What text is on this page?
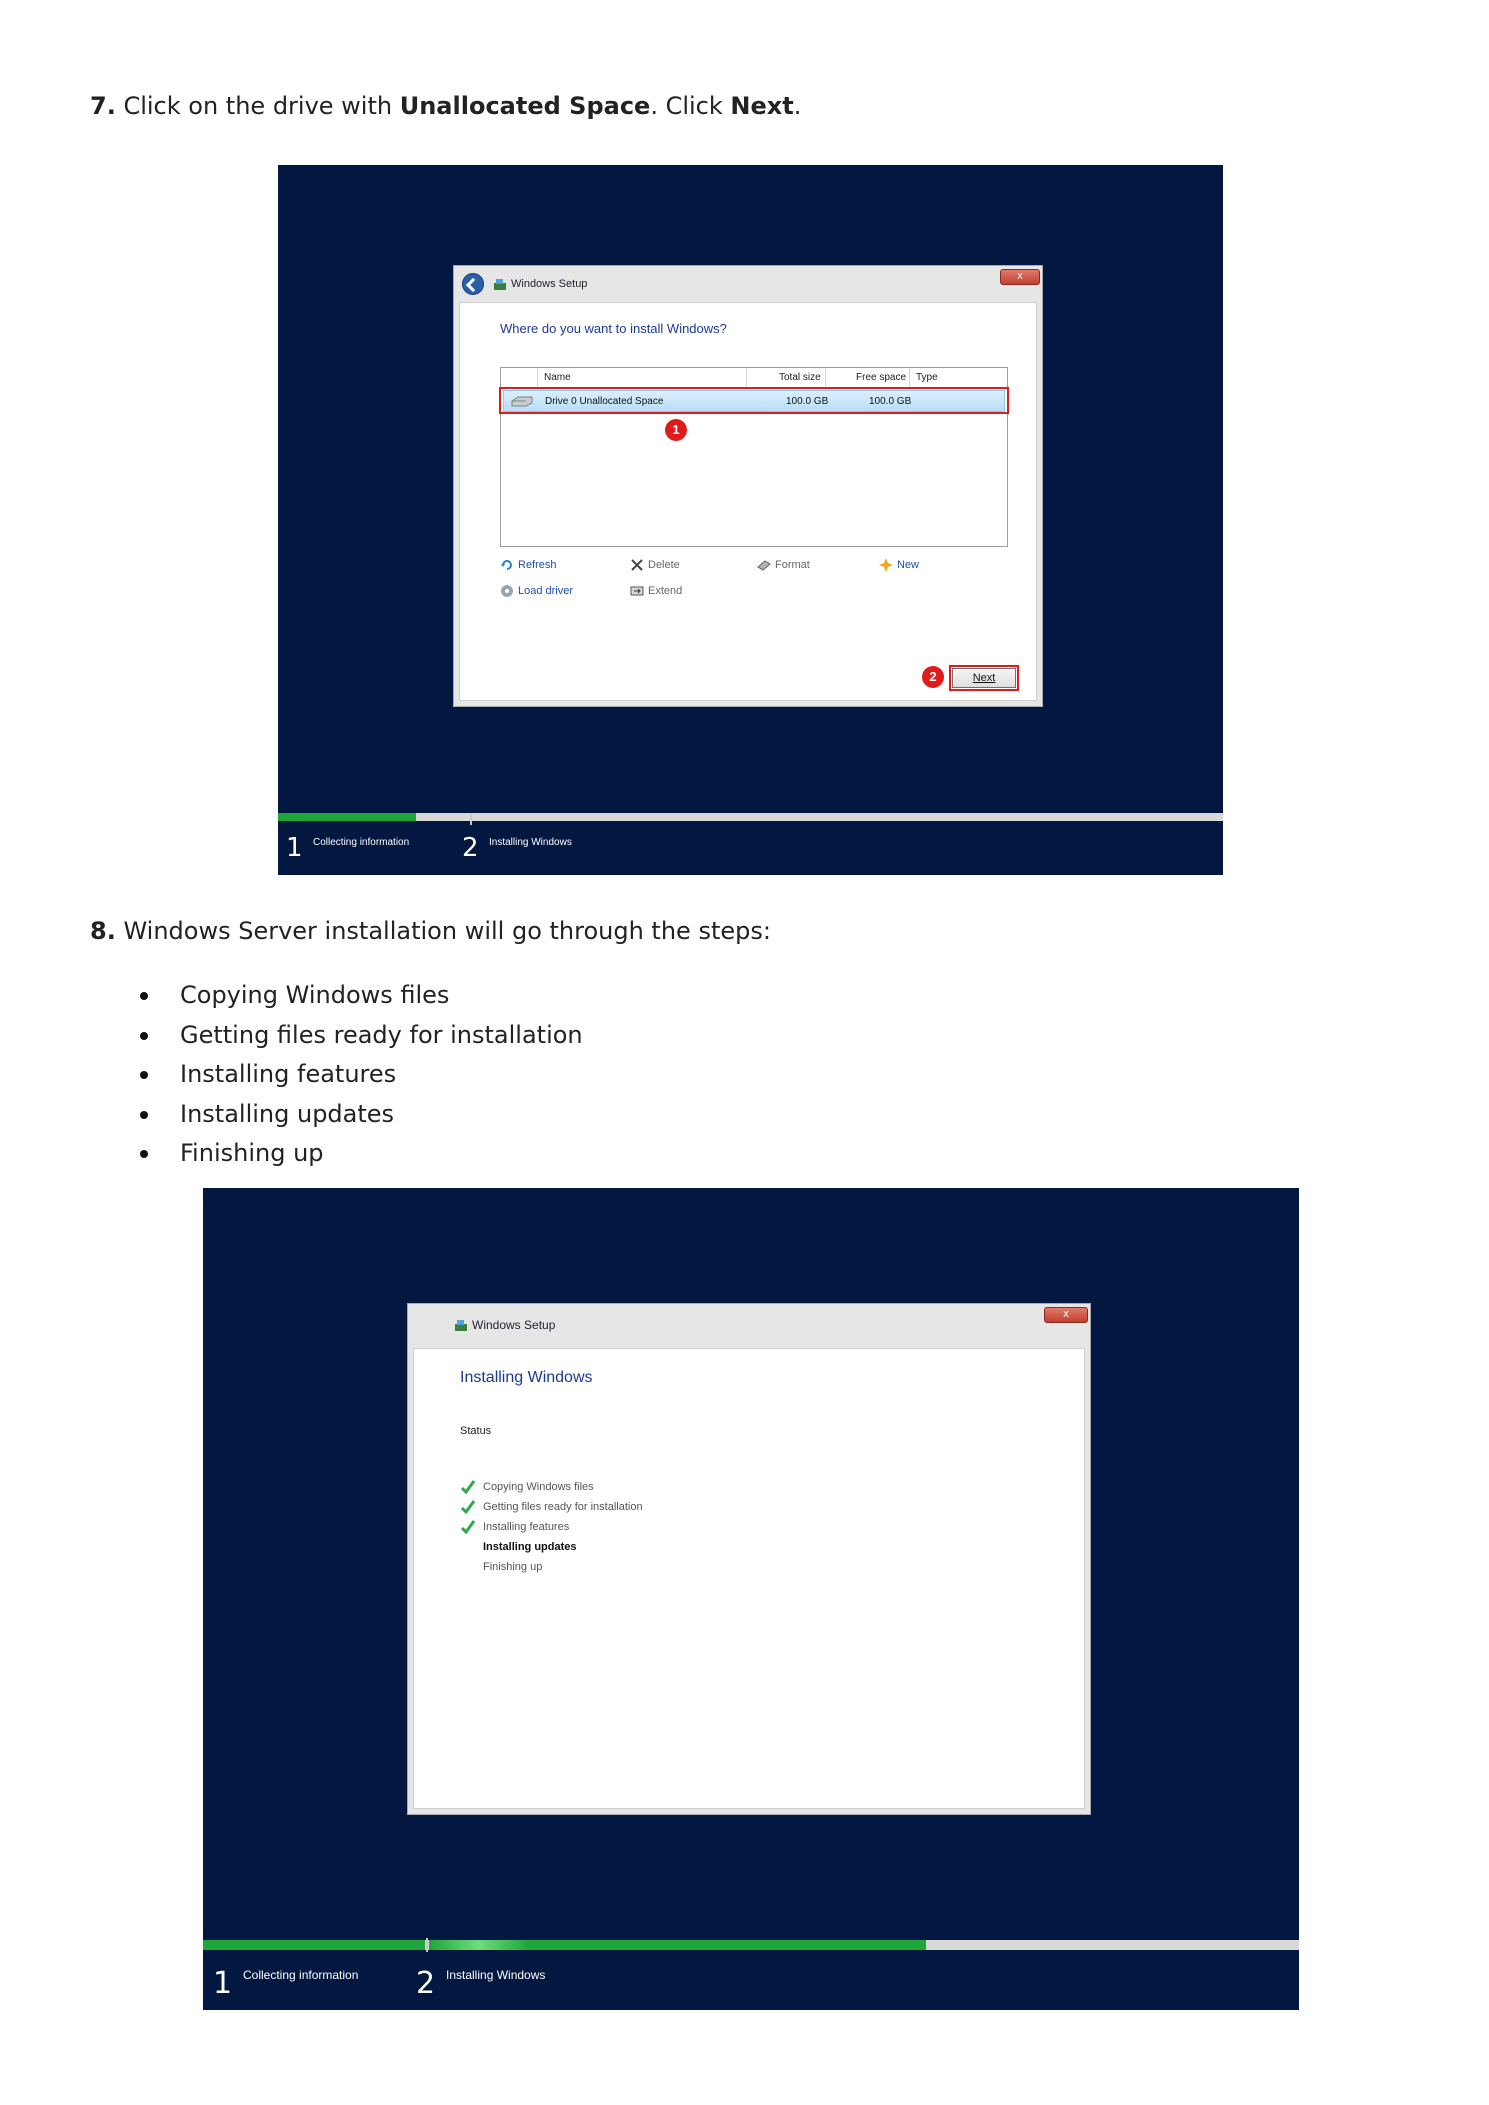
7. Click on the drive with Unallocated Space. Click Next.
Windows Setup
x
Where do you want to install Windows?
Name	Total size	Free space Type
Drive 0 Unallocated Space	100.0 GB	100.0 GB
Refresh	Delete	Format	New
Load driver	Extend
1
Next
2
1 Collecting information 2 Installing Windows
8. Windows Server installation will go through the steps:
Copying Windows files
Getting files ready for installation
Installing features
Installing updates
Finishing up
Windows Setup
x
Installing Windows
Status
Copying Windows files
Getting files ready for installation
Installing features
Installing updates
Finishing up
1 Collecting information 2 Installing Windows
